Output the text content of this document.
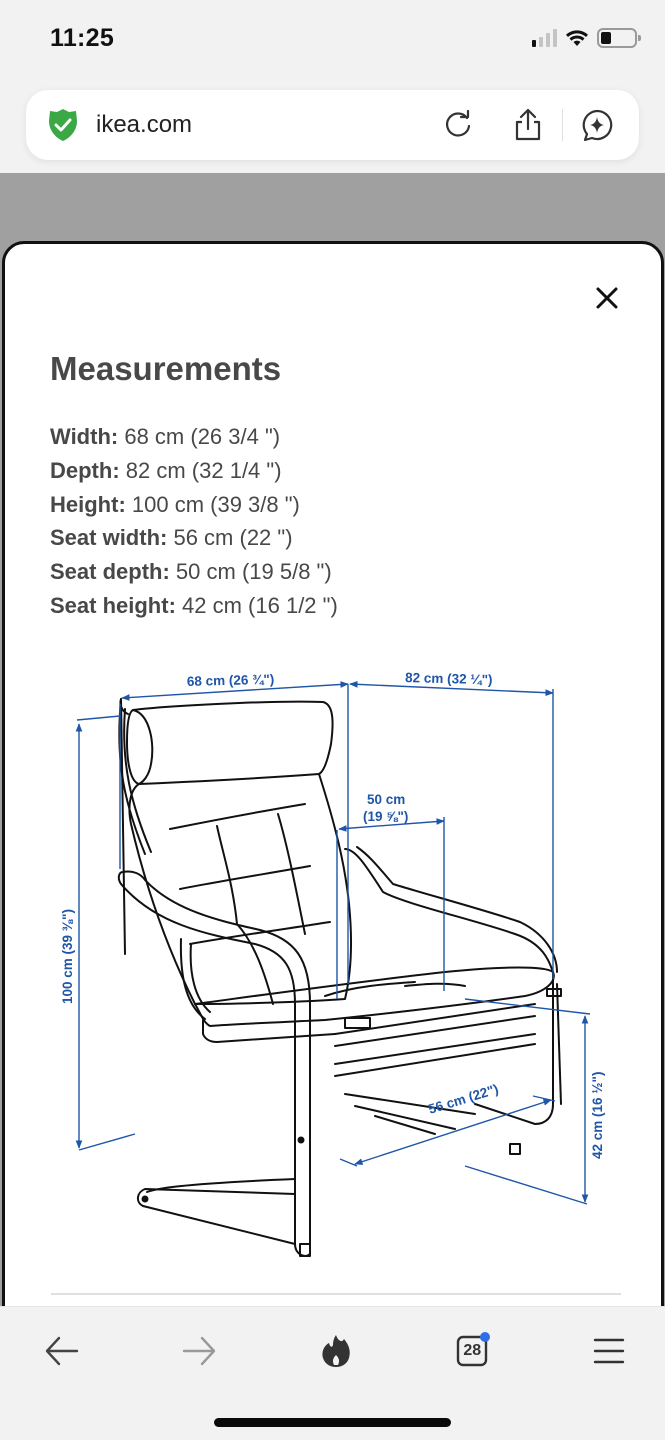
11:25
ikea.com
Measurements
Width: 68 cm (26 3/4 ")
Depth: 82 cm (32 1/4 ")
Height: 100 cm (39 3/8 ")
Seat width: 56 cm (22 ")
Seat depth: 50 cm (19 5/8 ")
Seat height: 42 cm (16 1/2 ")
68 cm (26 ¾")	82 cm (32 ¼")
50 cm
(19 ⅝")
100 cm (39 ⅜")
56 cm (22")	42 cm (16 ½")
28
